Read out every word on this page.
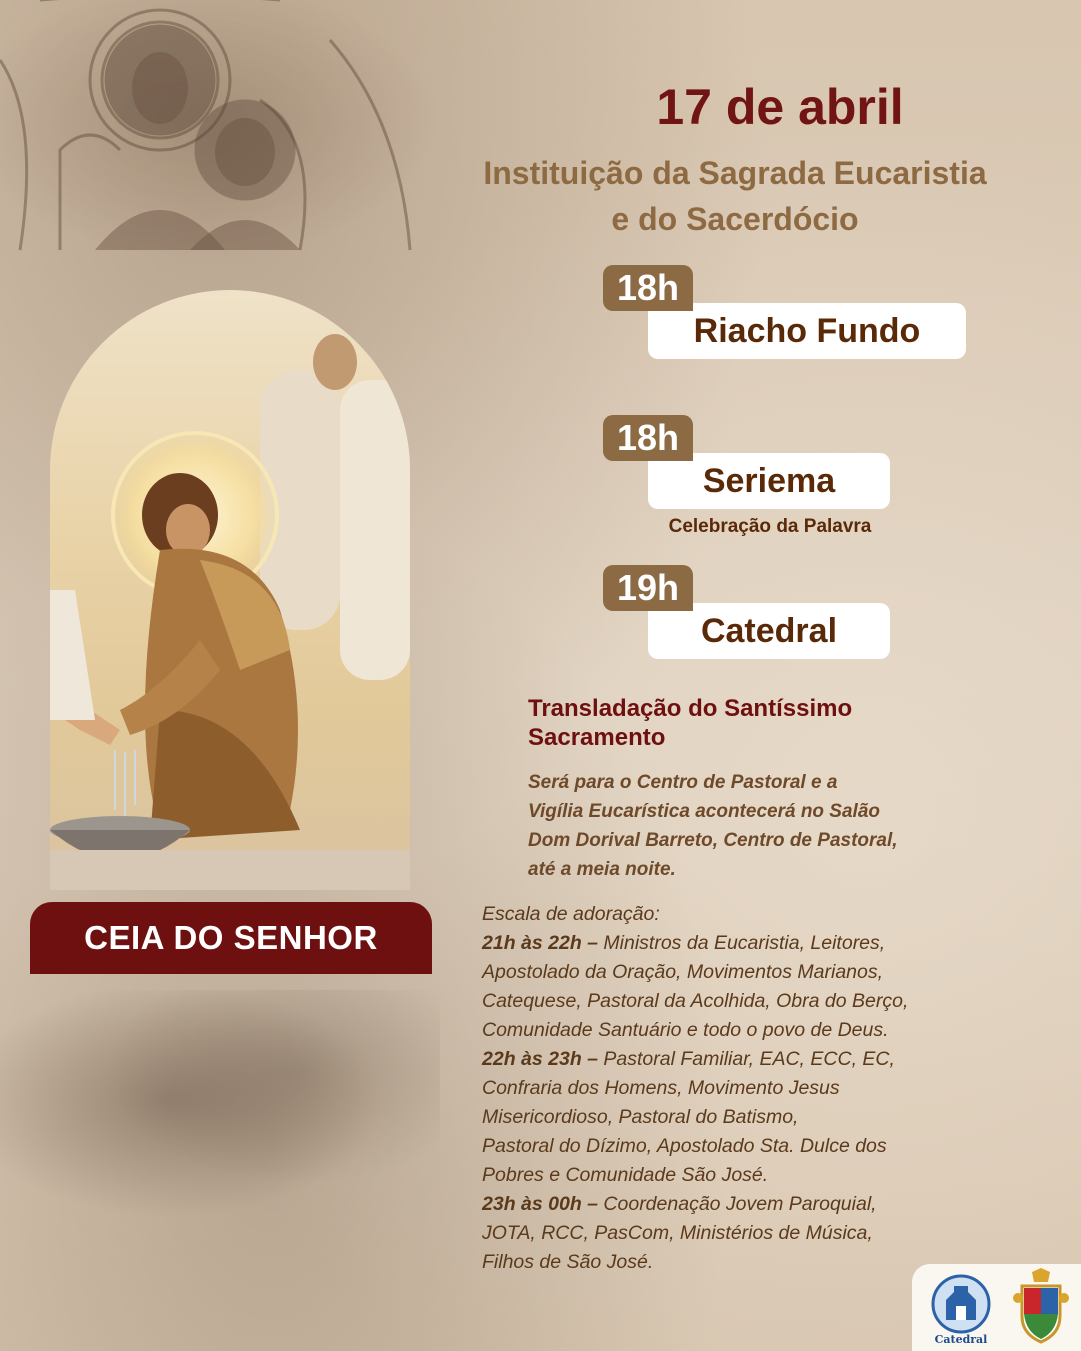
CEIA DO SENHOR
17 de abril
Instituição da Sagrada Eucaristia
e do Sacerdócio
Riacho Fundo
18h
Seriema
18h
Celebração da Palavra
Catedral
19h
Transladação do Santíssimo
Sacramento
Será para o Centro de Pastoral e a
Vigília Eucarística acontecerá no Salão
Dom Dorival Barreto, Centro de Pastoral,
até a meia noite.
Escala de adoração:
21h às 22h – Ministros da Eucaristia, Leitores,
Apostolado da Oração, Movimentos Marianos,
Catequese, Pastoral da Acolhida, Obra do Berço,
Comunidade Santuário e todo o povo de Deus.
22h às 23h – Pastoral Familiar, EAC, ECC, EC,
Confraria dos Homens, Movimento Jesus
Misericordioso, Pastoral do Batismo,
Pastoral do Dízimo, Apostolado Sta. Dulce dos
Pobres e Comunidade São José.
23h às 00h – Coordenação Jovem Paroquial,
JOTA, RCC, PasCom, Ministérios de Música,
Filhos de São José.
Catedral
